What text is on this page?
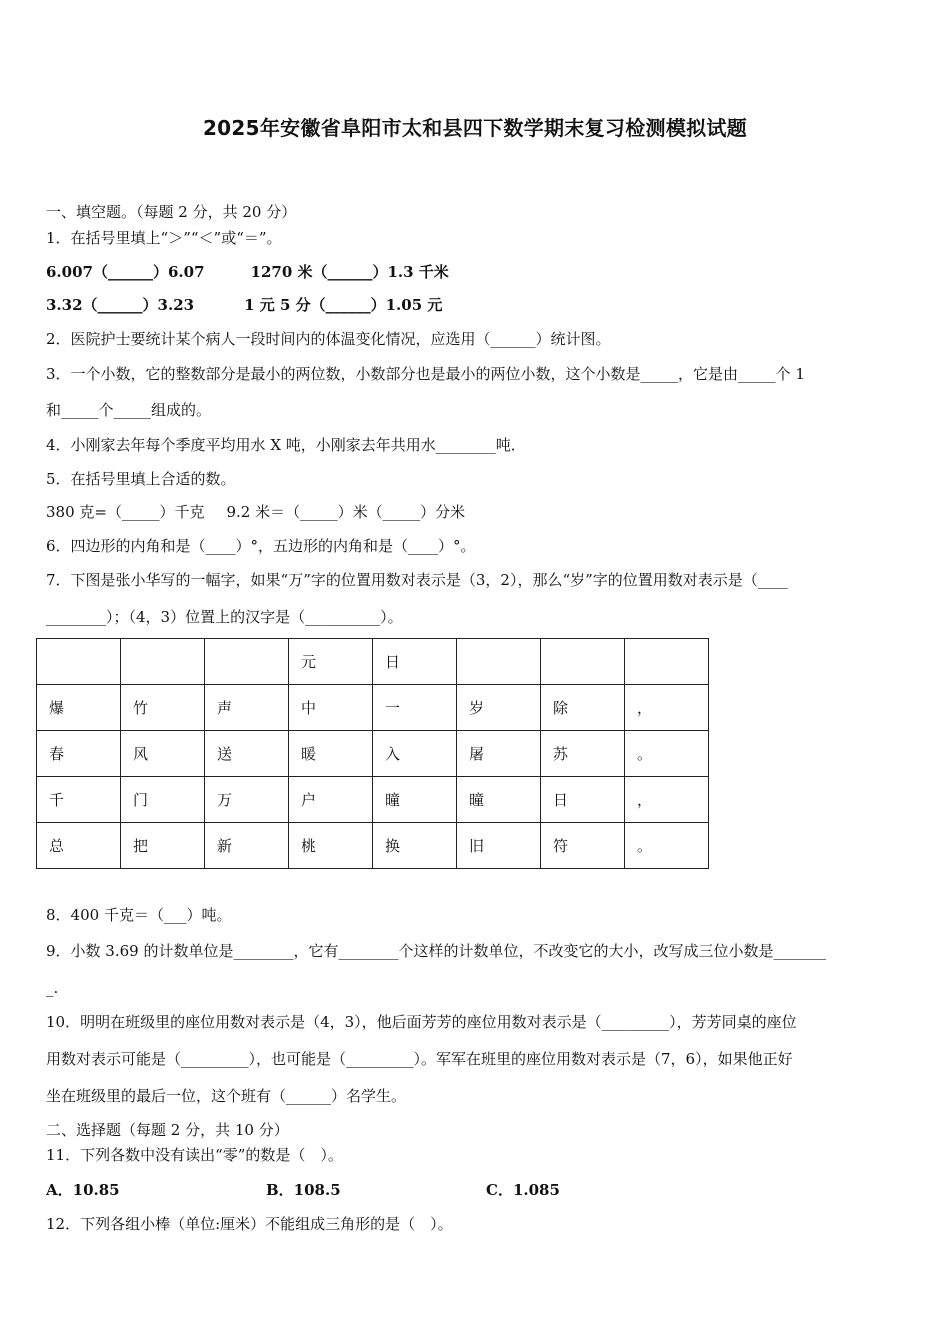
2025年安徽省阜阳市太和县四下数学期末复习检测模拟试题
一、填空题。（每题 2 分，共 20 分）
1．在括号里填上“＞”“＜”或“＝”。
6.007（______）6.07	1270 米（______）1.3 千米
3.32（______）3.23	1 元 5 分（______）1.05 元
2．医院护士要统计某个病人一段时间内的体温变化情况，应选用（______）统计图。
3．一个小数，它的整数部分是最小的两位数，小数部分也是最小的两位小数，这个小数是_____，它是由_____个 1
和_____个_____组成的。
4．小刚家去年每个季度平均用水 X 吨，小刚家去年共用水________吨．
5．在括号里填上合适的数。
380 克=（_____）千克 9.2 米＝（_____）米（_____）分米
6．四边形的内角和是（____）°，五边形的内角和是（____）°。
7．下图是张小华写的一幅字，如果“万”字的位置用数对表示是（3，2），那么“岁”字的位置用数对表示是（____
________）；（4，3）位置上的汉字是（__________）。
			元	日			
爆	竹	声	中	一	岁	除	，
春	风	送	暖	入	屠	苏	。
千	门	万	户	曈	曈	日	，
总	把	新	桃	换	旧	符	。
8．400 千克＝（___）吨。
9．小数 3.69 的计数单位是________，它有________个这样的计数单位，不改变它的大小，改写成三位小数是_______
_.
10．明明在班级里的座位用数对表示是（4，3），他后面芳芳的座位用数对表示是（_________），芳芳同桌的座位
用数对表示可能是（_________），也可能是（_________）。军军在班里的座位用数对表示是（7，6），如果他正好
坐在班级里的最后一位，这个班有（______）名学生。
二、选择题（每题 2 分，共 10 分）
11．下列各数中没有读出“零”的数是（　）。
A．10.85	B．108.5	C．1.085
12．下列各组小棒（单位:厘米）不能组成三角形的是（　）。
